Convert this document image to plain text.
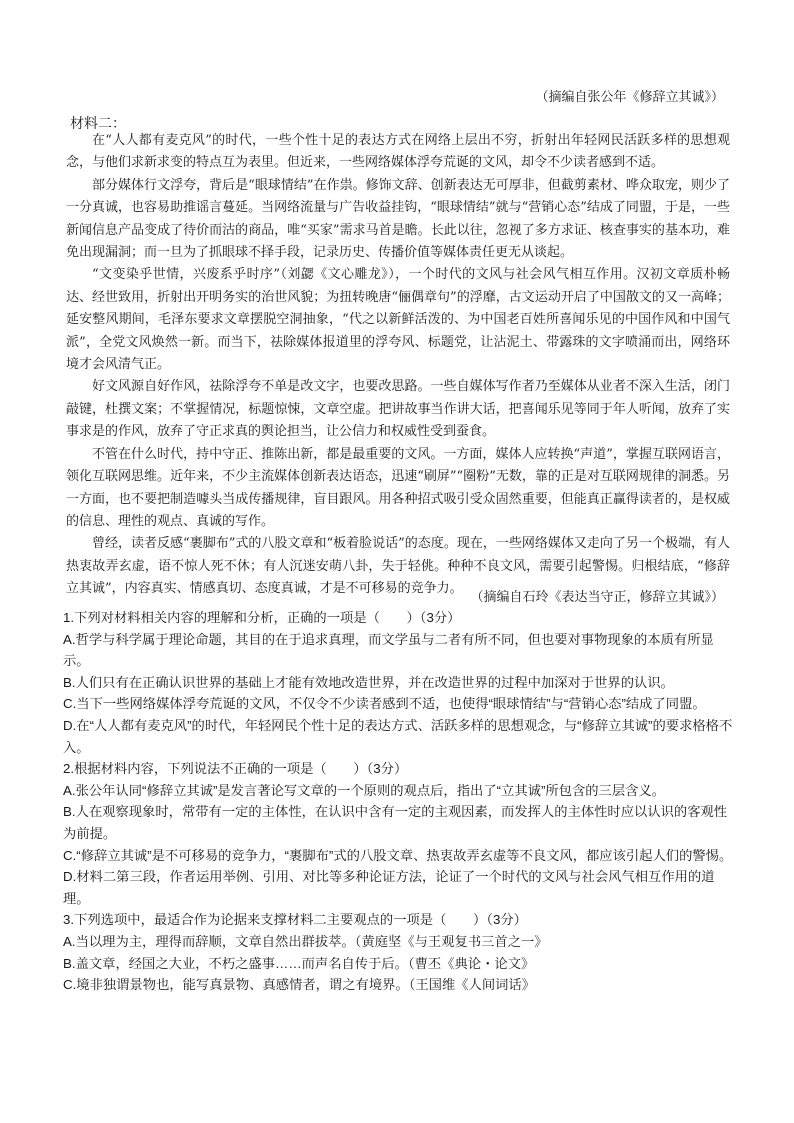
（摘编自张公年《修辞立其诚》）
材料二：

在“人人都有麦克风”的时代，一些个性十足的表达方式在网络上层出不穷，折射出年轻网民活跃多样的思想观念，与他们求新求变的特点互为表里。但近来，一些网络媒体浮夸荒诞的文风，却令不少读者感到不适。

部分媒体行文浮夸，背后是“眼球情结”在作祟。修饰文辞、创新表达无可厚非，但截剪素材、哗众取宠，则少了一分真诚，也容易助推谣言蔓延。当网络流量与广告收益挂钩，“眼球情结”就与“营销心态”结成了同盟，于是，一些新闻信息产品变成了待价而沽的商品，唯“买家”需求马首是瞻。长此以往，忽视了多方求证、核查事实的基本功，难免出现漏洞；而一旦为了抓眼球不择手段，记录历史、传播价值等媒体责任更无从谈起。

“文变染乎世情，兴废系乎时序”（刘勰《文心雕龙》），一个时代的文风与社会风气相互作用。汉初文章质朴畅达、经世致用，折射出开明务实的治世风貌；为扭转晚唐“俪偶章句”的浮靡，古文运动开启了中国散文的又一高峰；延安整风期间，毛泽东要求文章摆脱空洞抽象，“代之以新鲜活泼的、为中国老百姓所喜闻乐见的中国作风和中国气派”，全党文风焕然一新。而当下，祛除媒体报道里的浮夸风、标题党，让沾泥土、带露珠的文字喷涌而出，网络环境才会风清气正。

好文风源自好作风，祛除浮夸不单是改文字，也要改思路。一些自媒体写作者乃至媒体从业者不深入生活，闭门敲键，杜撰文案；不掌握情况，标题惊悚，文章空虚。把讲故事当作讲大话，把喜闻乐见等同于年人听闻，放弃了实事求是的作风，放弃了守正求真的舆论担当，让公信力和权威性受到蚕食。

不管在什么时代，持中守正、推陈出新，都是最重要的文风。一方面，媒体人应转换“声道”，掌握互联网语言，领化互联网思维。近年来，不少主流媒体创新表达语态，迅速“刷屏”“圈粉”无数，靠的正是对互联网规律的洞悉。另一方面，也不要把制造噱头当成传播规律，盲目跟风。用各种招式吸引受众固然重要，但能真正赢得读者的，是权威的信息、理性的观点、真诚的写作。

曾经，读者反感“裹脚布”式的八股文章和“板着脸说话”的态度。现在，一些网络媒体又走向了另一个极端，有人热衷故弄玄虚，语不惊人死不休；有人沉迷安萌八卦，失于轻佻。种种不良文风，需要引起警惕。归根结底，“修辞立其诚”，内容真实、情感真切、态度真诚，才是不可移易的竞争力。

（摘编自石玲《表达当守正，修辞立其诚》）

1.下列对材料相关内容的理解和分析，正确的一项是（　　）（3分）

A.哲学与科学属于理论命题，其目的在于追求真理，而文学虽与二者有所不同，但也要对事物现象的本质有所显示。

B.人们只有在正确认识世界的基础上才能有效地改造世界，并在改造世界的过程中加深对于世界的认识。

C.当下一些网络媒体浮夸荒诞的文风，不仅令不少读者感到不适，也使得“眼球情结”与“营销心态”结成了同盟。

D.在“人人都有麦克风”的时代，年轻网民个性十足的表达方式、活跃多样的思想观念，与“修辞立其诚”的要求格格不入。

2.根据材料内容，下列说法不正确的一项是（　　）（3分）

A.张公年认同“修辞立其诚”是发言著论写文章的一个原则的观点后，指出了“立其诚”所包含的三层含义。

B.人在观察现象时，常带有一定的主体性，在认识中含有一定的主观因素，而发挥人的主体性时应以认识的客观性为前提。

C.“修辞立其诚”是不可移易的竞争力，“裹脚布”式的八股文章、热衷故弄玄虚等不良文风，都应该引起人们的警惕。

D.材料二第三段，作者运用举例、引用、对比等多种论证方法，论证了一个时代的文风与社会风气相互作用的道理。

3.下列选项中，最适合作为论据来支撑材料二主要观点的一项是（　　）（3分）

A.当以理为主，理得而辞顺，文章自然出群拔萃。（黄庭坚《与王观复书三首之一》

B.盖文章，经国之大业，不朽之盛事……而声名自传于后。（曹丕《典论・论文》

C.境非独谓景物也，能写真景物、真感情者，谓之有境界。（王国维《人间词话》
